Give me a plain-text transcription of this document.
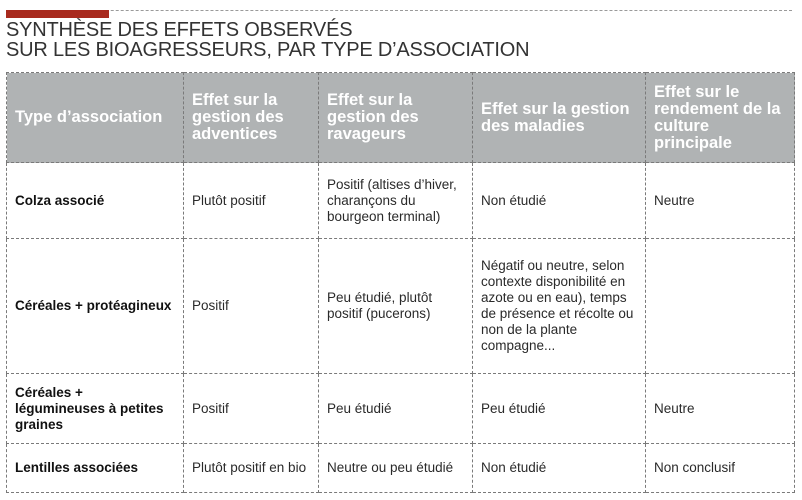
SYNTHÈSE DES EFFETS OBSERVÉS
SUR LES BIOAGRESSEURS, PAR TYPE D’ASSOCIATION
Type d’association	Effet sur la gestion des adventices	Effet sur la gestion des ravageurs	Effet sur la gestion des maladies	Effet sur le rendement de la culture principale
Colza associé	Plutôt positif	Positif (altises d’hiver, charançons du bourgeon terminal)	Non étudié	Neutre
Céréales + protéagineux	Positif	Peu étudié, plutôt positif (pucerons)	Négatif ou neutre, selon contexte disponibilité en azote ou en eau), temps de présence et récolte ou non de la plante compagne...	
Céréales + légumineuses à petites graines	Positif	Peu étudié	Peu étudié	Neutre
Lentilles associées	Plutôt positif en bio	Neutre ou peu étudié	Non étudié	Non conclusif
